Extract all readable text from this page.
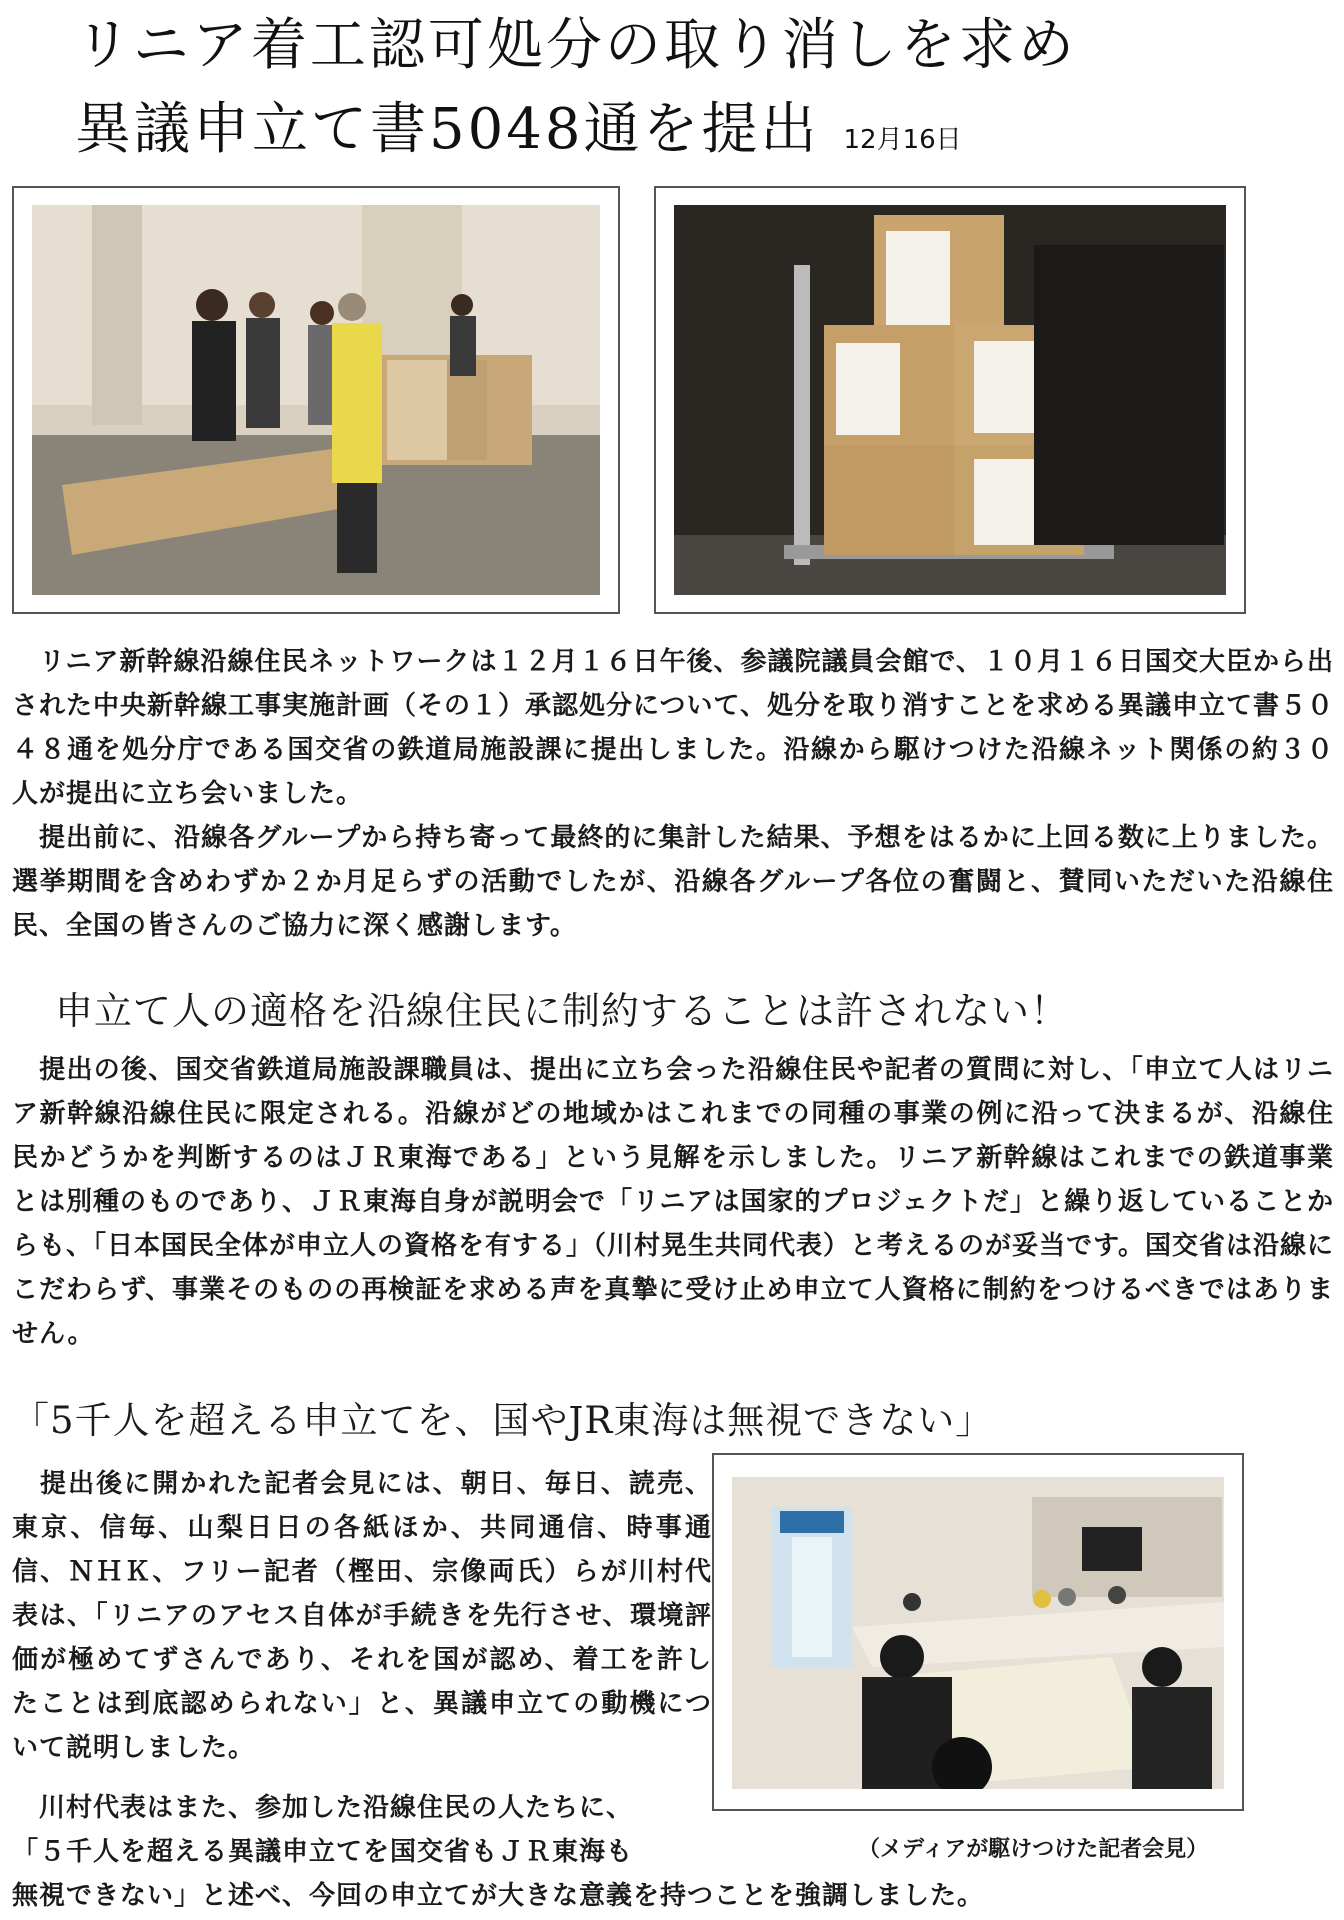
リニア着工認可処分の取り消しを求め
異議申立て書5048通を提出 12月16日
　リニア新幹線沿線住民ネットワークは１２月１６日午後、参議院議員会館で、１０月１６日国交大臣から出された中央新幹線工事実施計画（その１）承認処分について、処分を取り消すことを求める異議申立て書５０４８通を処分庁である国交省の鉄道局施設課に提出しました。沿線から駆けつけた沿線ネット関係の約３０人が提出に立ち会いました。
　提出前に、沿線各グループから持ち寄って最終的に集計した結果、予想をはるかに上回る数に上りました。選挙期間を含めわずか２か月足らずの活動でしたが、沿線各グループ各位の奮闘と、賛同いただいた沿線住民、全国の皆さんのご協力に深く感謝します。
申立て人の適格を沿線住民に制約することは許されない！
　提出の後、国交省鉄道局施設課職員は、提出に立ち会った沿線住民や記者の質問に対し、「申立て人はリニア新幹線沿線住民に限定される。沿線がどの地域かはこれまでの同種の事業の例に沿って決まるが、沿線住民かどうかを判断するのはＪＲ東海である」という見解を示しました。リニア新幹線はこれまでの鉄道事業とは別種のものであり、ＪＲ東海自身が説明会で「リニアは国家的プロジェクトだ」と繰り返していることからも、「日本国民全体が申立人の資格を有する」（川村晃生共同代表）と考えるのが妥当です。国交省は沿線にこだわらず、事業そのものの再検証を求める声を真摯に受け止め申立て人資格に制約をつけるべきではありません。
「5千人を超える申立てを、国やJR東海は無視できない」
　提出後に開かれた記者会見には、朝日、毎日、読売、東京、信毎、山梨日日の各紙ほか、共同通信、時事通信、ＮＨＫ、フリー記者（樫田、宗像両氏）らが川村代表は、「リニアのアセス自体が手続きを先行させ、環境評価が極めてずさんであり、それを国が認め、着工を許したことは到底認められない」と、異議申立ての動機について説明しました。
　川村代表はまた、参加した沿線住民の人たちに、
「５千人を超える異議申立てを国交省もＪＲ東海も	（メディアが駆けつけた記者会見）
無視できない」と述べ、今回の申立てが大きな意義を持つことを強調しました。
